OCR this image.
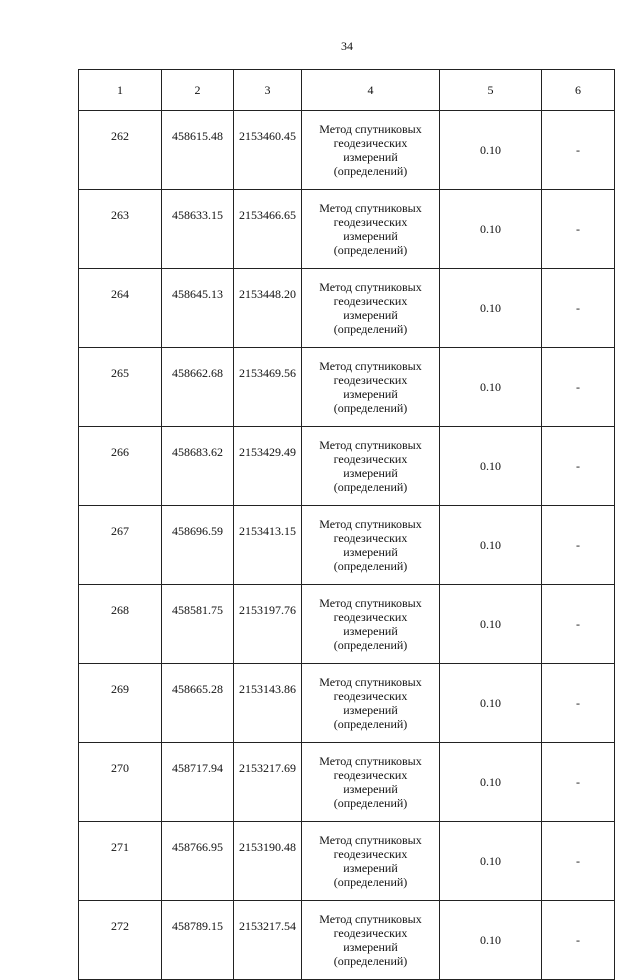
34
1	2	3	4	5	6
262	458615.48	2153460.45	Метод спутниковых
геодезических
измерений
(определений)	0.10	-
263	458633.15	2153466.65	Метод спутниковых
геодезических
измерений
(определений)	0.10	-
264	458645.13	2153448.20	Метод спутниковых
геодезических
измерений
(определений)	0.10	-
265	458662.68	2153469.56	Метод спутниковых
геодезических
измерений
(определений)	0.10	-
266	458683.62	2153429.49	Метод спутниковых
геодезических
измерений
(определений)	0.10	-
267	458696.59	2153413.15	Метод спутниковых
геодезических
измерений
(определений)	0.10	-
268	458581.75	2153197.76	Метод спутниковых
геодезических
измерений
(определений)	0.10	-
269	458665.28	2153143.86	Метод спутниковых
геодезических
измерений
(определений)	0.10	-
270	458717.94	2153217.69	Метод спутниковых
геодезических
измерений
(определений)	0.10	-
271	458766.95	2153190.48	Метод спутниковых
геодезических
измерений
(определений)	0.10	-
272	458789.15	2153217.54	Метод спутниковых
геодезических
измерений
(определений)	0.10	-
